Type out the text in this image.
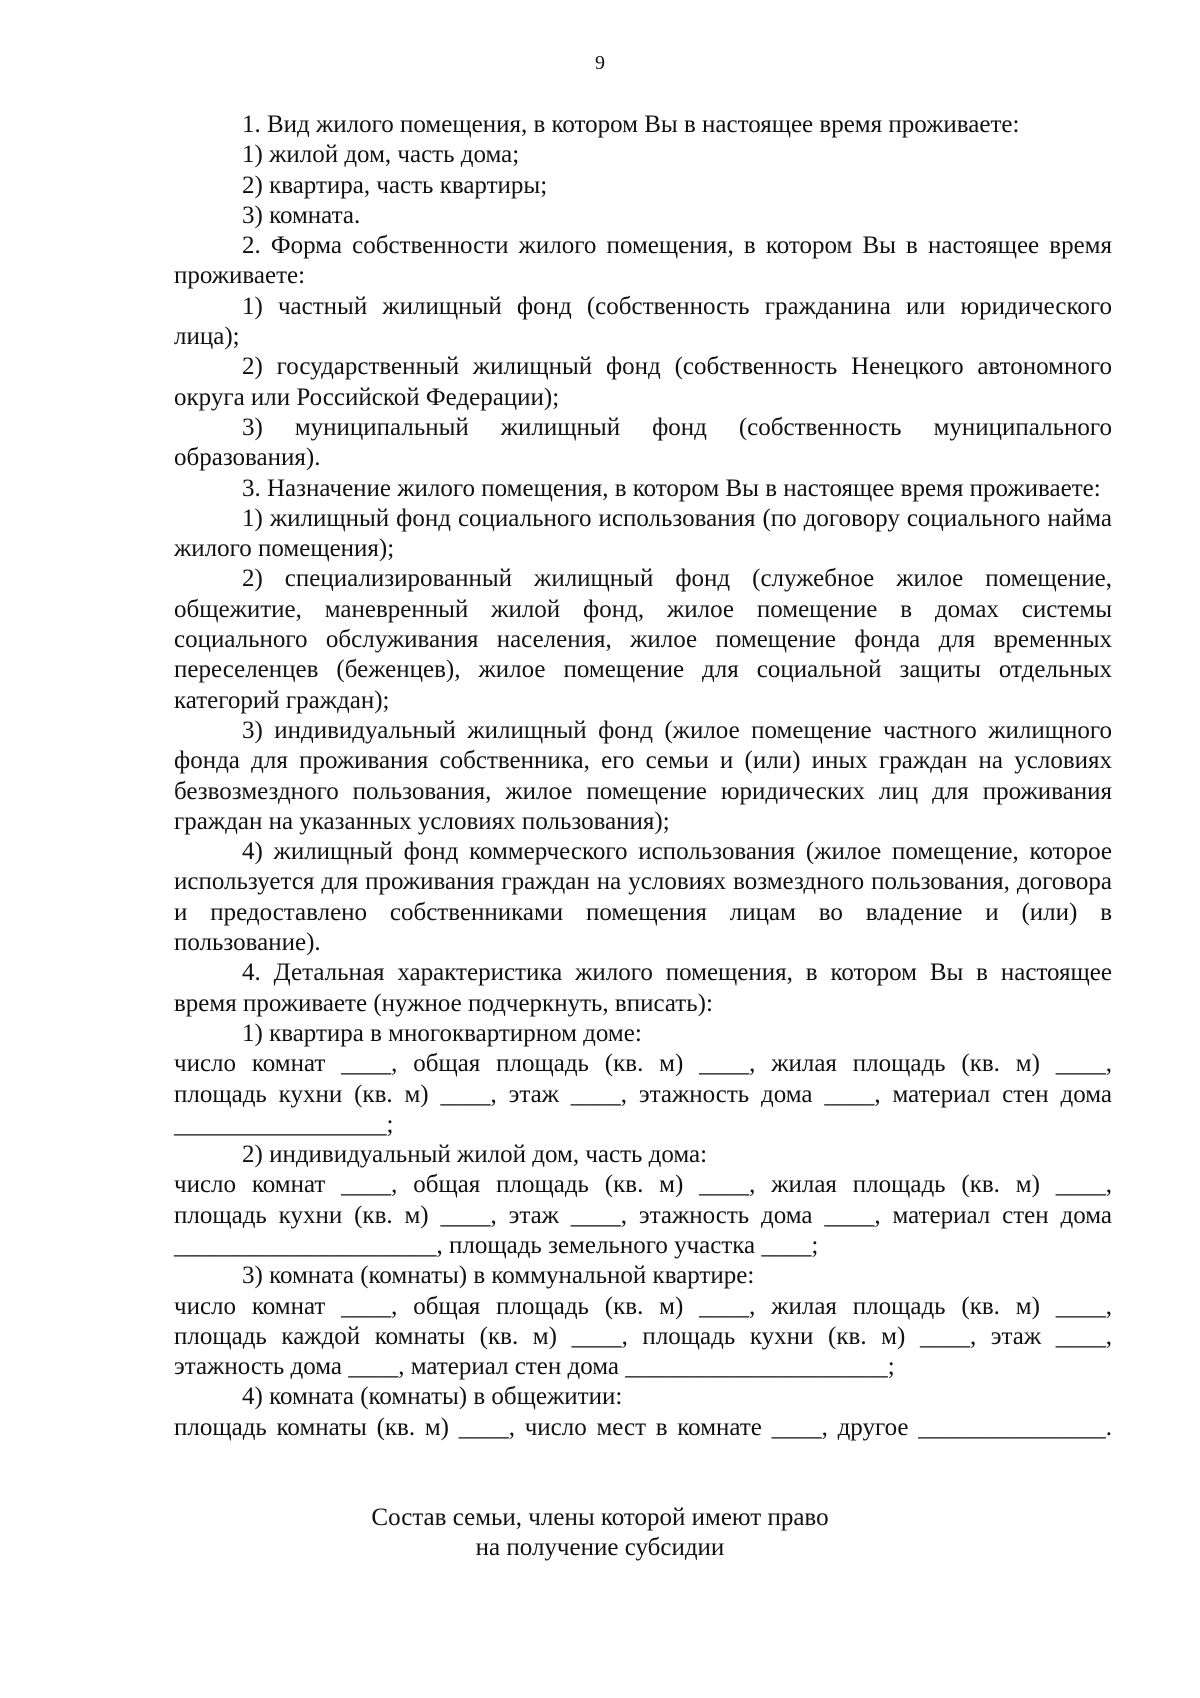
9

1. Вид жилого помещения, в котором Вы в настоящее время проживаете:

1) жилой дом, часть дома;

2) квартира, часть квартиры;

3) комната.

2. Форма собственности жилого помещения, в котором Вы в настоящее время проживаете:

1) частный жилищный фонд (собственность гражданина или юридического лица);

2) государственный жилищный фонд (собственность Ненецкого автономного округа или Российской Федерации);

3) муниципальный жилищный фонд (собственность муниципального образования).

3. Назначение жилого помещения, в котором Вы в настоящее время проживаете:

1) жилищный фонд социального использования (по договору социального найма жилого помещения);

2) специализированный жилищный фонд (служебное жилое помещение, общежитие, маневренный жилой фонд, жилое помещение в домах системы социального обслуживания населения, жилое помещение фонда для временных переселенцев (беженцев), жилое помещение для социальной защиты отдельных категорий граждан);

3) индивидуальный жилищный фонд (жилое помещение частного жилищного фонда для проживания собственника, его семьи и (или) иных граждан на условиях безвозмездного пользования, жилое помещение юридических лиц для проживания граждан на указанных условиях пользования);

4) жилищный фонд коммерческого использования (жилое помещение, которое используется для проживания граждан на условиях возмездного пользования, договора и предоставлено собственниками помещения лицам во владение и (или) в пользование).

4. Детальная характеристика жилого помещения, в котором Вы в настоящее время проживаете (нужное подчеркнуть, вписать):

1) квартира в многоквартирном доме:

число комнат ____, общая площадь (кв. м) ____, жилая площадь (кв. м) ____,

площадь кухни (кв. м) ____, этаж ____, этажность дома ____, материал стен дома

_________________;

2) индивидуальный жилой дом, часть дома:

число комнат ____, общая площадь (кв. м) ____, жилая площадь (кв. м) ____,

площадь кухни (кв. м) ____, этаж ____, этажность дома ____, материал стен дома

_____________________, площадь земельного участка ____;

3) комната (комнаты) в коммунальной квартире:

число комнат ____, общая площадь (кв. м) ____, жилая площадь (кв. м) ____,

площадь каждой комнаты (кв. м) ____, площадь кухни (кв. м) ____, этаж ____,

этажность дома ____, материал стен дома _____________________;

4) комната (комнаты) в общежитии:

площадь комнаты (кв. м) ____, число мест в комнате ____, другое _______________.

Состав семьи, члены которой имеют право

на получение субсидии
